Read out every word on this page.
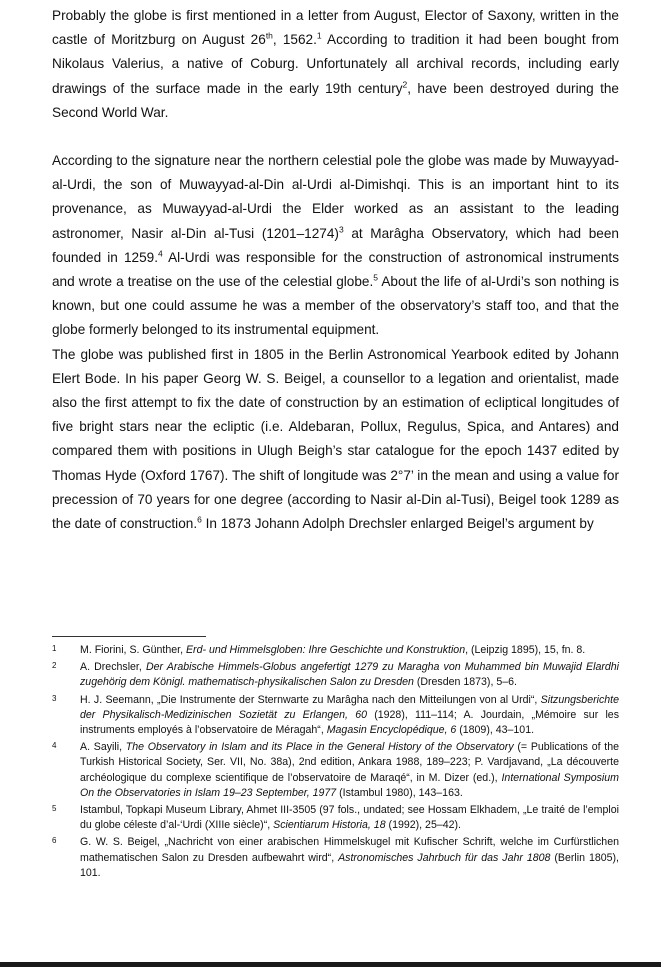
Probably the globe is first mentioned in a letter from August, Elector of Saxony, written in the castle of Moritzburg on August 26th, 1562.$^1$ According to tradition it had been bought from Nikolaus Valerius, a native of Coburg. Unfortunately all archival records, including early drawings of the surface made in the early 19th century$^2$, have been destroyed during the Second World War.

According to the signature near the northern celestial pole the globe was made by Muwayyad-al-Urdi, the son of Muwayyad-al-Din al-Urdi al-Dimishqi. This is an important hint to its provenance, as Muwayyad-al-Urdi the Elder worked as an assistant to the leading astronomer, Nasir al-Din al-Tusi (1201–1274)$^3$ at Marâgha Observatory, which had been founded in 1259.$^4$ Al-Urdi was responsible for the construction of astronomical instruments and wrote a treatise on the use of the celestial globe.$^5$ About the life of al-Urdi’s son nothing is known, but one could assume he was a member of the observatory’s staff too, and that the globe formerly belonged to its instrumental equipment.

The globe was published first in 1805 in the Berlin Astronomical Yearbook edited by Johann Elert Bode. In his paper Georg W. S. Beigel, a counsellor to a legation and orientalist, made also the first attempt to fix the date of construction by an estimation of ecliptical longitudes of five bright stars near the ecliptic (i.e. Aldebaran, Pollux, Regulus, Spica, and Antares) and compared them with positions in Ulugh Beigh’s star catalogue for the epoch 1437 edited by Thomas Hyde (Oxford 1767). The shift of longitude was 2°7’ in the mean and using a value for precession of 70 years for one degree (according to Nasir al-Din al-Tusi), Beigel took 1289 as the date of construction.$^6$ In 1873 Johann Adolph Drechsler enlarged Beigel’s argument by

1 M. Fiorini, S. Günther, Erd- und Himmelsgloben: Ihre Geschichte und Konstruktion, (Leipzig 1895), 15, fn. 8.
2 A. Drechsler, Der Arabische Himmels-Globus angefertigt 1279 zu Maragha von Muhammed bin Muwajid Elardhi zugehörig dem Königl. mathematisch-physikalischen Salon zu Dresden (Dresden 1873), 5–6.
3 H. J. Seemann, „Die Instrumente der Sternwarte zu Marâgha nach den Mitteilungen von al Urdi“, Sitzungsberichte der Physikalisch-Medizinischen Sozietät zu Erlangen, 60 (1928), 111–114; A. Jourdain, „Mémoire sur les instruments employés à l’observatoire de Méragah“, Magasin Encyclopédique, 6 (1809), 43–101.
4 A. Sayili, The Observatory in Islam and its Place in the General History of the Observatory (= Publications of the Turkish Historical Society, Ser. VII, No. 38a), 2nd edition, Ankara 1988, 189–223; P. Vardjavand, „La découverte archéologique du complexe scientifique de l’observatoire de Maraqé“, in M. Dizer (ed.), International Symposium On the Observatories in Islam 19–23 September, 1977 (Istambul 1980), 143–163.
5 Istambul, Topkapi Museum Library, Ahmet III-3505 (97 fols., undated; see Hossam Elkhadem, „Le traité de l’emploi du globe céleste d’al-‘Urdi (XIIIe siècle)“, Scientiarum Historia, 18 (1992), 25–42).
6 G. W. S. Beigel, „Nachricht von einer arabischen Himmelskugel mit Kufischer Schrift, welche im Curfürstlichen mathematischen Salon zu Dresden aufbewahrt wird“, Astronomisches Jahrbuch für das Jahr 1808 (Berlin 1805), 101.
